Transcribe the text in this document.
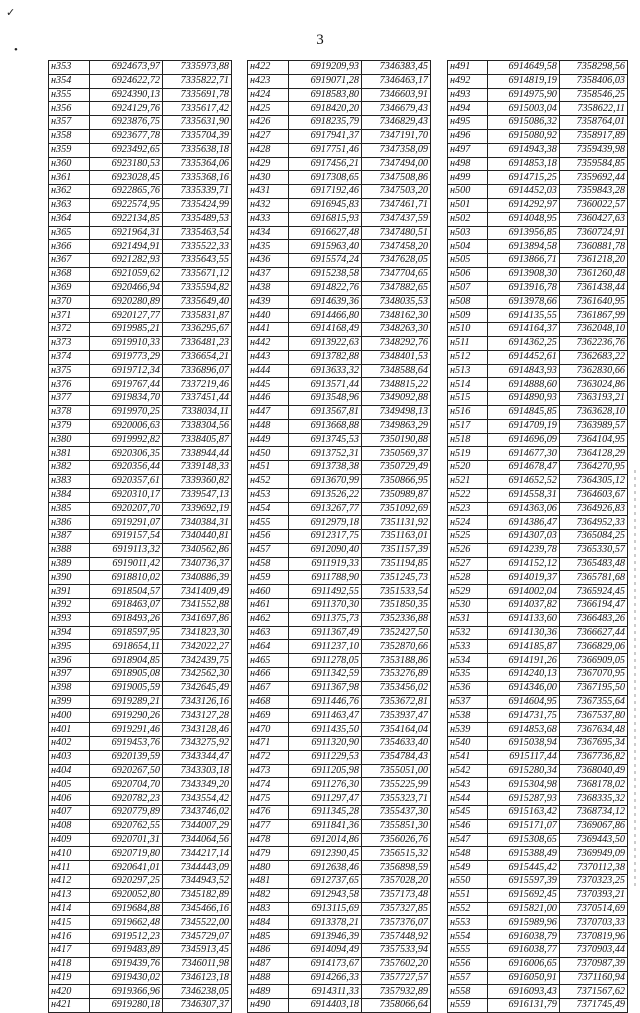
✓
•
3
н353	6924673,97	7335973,88
н354	6924622,72	7335822,71
н355	6924390,13	7335691,78
н356	6924129,76	7335617,42
н357	6923876,75	7335631,90
н358	6923677,78	7335704,39
н359	6923492,65	7335638,18
н360	6923180,53	7335364,06
н361	6923028,45	7335368,16
н362	6922865,76	7335339,71
н363	6922574,95	7335424,99
н364	6922134,85	7335489,53
н365	6921964,31	7335463,54
н366	6921494,91	7335522,33
н367	6921282,93	7335643,55
н368	6921059,62	7335671,12
н369	6920466,94	7335594,82
н370	6920280,89	7335649,40
н371	6920127,77	7335831,87
н372	6919985,21	7336295,67
н373	6919910,33	7336481,23
н374	6919773,29	7336654,21
н375	6919712,34	7336896,07
н376	6919767,44	7337219,46
н377	6919834,70	7337451,44
н378	6919970,25	7338034,11
н379	6920006,63	7338304,56
н380	6919992,82	7338405,87
н381	6920306,35	7338944,44
н382	6920356,44	7339148,33
н383	6920357,61	7339360,82
н384	6920310,17	7339547,13
н385	6920207,70	7339692,19
н386	6919291,07	7340384,31
н387	6919157,54	7340440,81
н388	6919113,32	7340562,86
н389	6919011,42	7340736,37
н390	6918810,02	7340886,39
н391	6918504,57	7341409,49
н392	6918463,07	7341552,88
н393	6918493,26	7341697,86
н394	6918597,95	7341823,30
н395	6918654,11	7342022,27
н396	6918904,85	7342439,75
н397	6918905,08	7342562,30
н398	6919005,59	7342645,49
н399	6919289,21	7343126,16
н400	6919290,26	7343127,28
н401	6919291,46	7343128,46
н402	6919453,76	7343275,92
н403	6920139,59	7343344,47
н404	6920267,50	7343303,18
н405	6920704,70	7343349,20
н406	6920782,23	7343554,42
н407	6920779,89	7343746,02
н408	6920762,55	7344007,29
н409	6920701,31	7344064,56
н410	6920719,80	7344217,14
н411	6920641,01	7344443,09
н412	6920297,25	7344943,52
н413	6920052,80	7345182,89
н414	6919684,88	7345466,16
н415	6919662,48	7345522,00
н416	6919512,23	7345729,07
н417	6919483,89	7345913,45
н418	6919439,76	7346011,98
н419	6919430,02	7346123,18
н420	6919366,96	7346238,05
н421	6919280,18	7346307,37
н422	6919209,93	7346383,45
н423	6919071,28	7346463,17
н424	6918583,80	7346603,91
н425	6918420,20	7346679,43
н426	6918235,79	7346829,43
н427	6917941,37	7347191,70
н428	6917751,46	7347358,09
н429	6917456,21	7347494,00
н430	6917308,65	7347508,86
н431	6917192,46	7347503,20
н432	6916945,83	7347461,71
н433	6916815,93	7347437,59
н434	6916627,48	7347480,51
н435	6915963,40	7347458,20
н436	6915574,24	7347628,05
н437	6915238,58	7347704,65
н438	6914822,76	7347882,65
н439	6914639,36	7348035,53
н440	6914466,80	7348162,30
н441	6914168,49	7348263,30
н442	6913922,63	7348292,76
н443	6913782,88	7348401,53
н444	6913633,32	7348588,64
н445	6913571,44	7348815,22
н446	6913548,96	7349092,88
н447	6913567,81	7349498,13
н448	6913668,88	7349863,29
н449	6913745,53	7350190,88
н450	6913752,31	7350569,37
н451	6913738,38	7350729,49
н452	6913670,99	7350866,95
н453	6913526,22	7350989,87
н454	6913267,77	7351092,69
н455	6912979,18	7351131,92
н456	6912317,75	7351163,01
н457	6912090,40	7351157,39
н458	6911919,33	7351194,85
н459	6911788,90	7351245,73
н460	6911492,55	7351533,54
н461	6911370,30	7351850,35
н462	6911375,73	7352336,88
н463	6911367,49	7352427,50
н464	6911237,10	7352870,66
н465	6911278,05	7353188,86
н466	6911342,59	7353276,89
н467	6911367,98	7353456,02
н468	6911446,76	7353672,81
н469	6911463,47	7353937,47
н470	6911435,50	7354164,04
н471	6911320,90	7354633,40
н472	6911229,53	7354784,43
н473	6911205,98	7355051,00
н474	6911276,30	7355225,99
н475	6911297,47	7355323,71
н476	6911345,28	7355437,30
н477	6911841,36	7355851,30
н478	6912014,86	7356026,76
н479	6912390,45	7356515,32
н480	6912638,46	7356898,59
н481	6912737,65	7357028,20
н482	6912943,58	7357173,48
н483	6913115,69	7357327,85
н484	6913378,21	7357376,07
н485	6913946,39	7357448,92
н486	6914094,49	7357533,94
н487	6914173,67	7357602,20
н488	6914266,33	7357727,57
н489	6914311,33	7357932,89
н490	6914403,18	7358066,64
н491	6914649,58	7358298,56
н492	6914819,19	7358406,03
н493	6914975,90	7358546,25
н494	6915003,04	7358622,11
н495	6915086,32	7358764,01
н496	6915080,92	7358917,89
н497	6914943,38	7359439,98
н498	6914853,18	7359584,85
н499	6914715,25	7359692,44
н500	6914452,03	7359843,28
н501	6914292,97	7360022,57
н502	6914048,95	7360427,63
н503	6913956,85	7360724,91
н504	6913894,58	7360881,78
н505	6913866,71	7361218,20
н506	6913908,30	7361260,48
н507	6913916,78	7361438,44
н508	6913978,66	7361640,95
н509	6914135,55	7361867,99
н510	6914164,37	7362048,10
н511	6914362,25	7362236,76
н512	6914452,61	7362683,22
н513	6914843,93	7362830,66
н514	6914888,60	7363024,86
н515	6914890,93	7363193,21
н516	6914845,85	7363628,10
н517	6914709,19	7363989,57
н518	6914696,09	7364104,95
н519	6914677,30	7364128,29
н520	6914678,47	7364270,95
н521	6914652,52	7364305,12
н522	6914558,31	7364603,67
н523	6914363,06	7364926,83
н524	6914386,47	7364952,33
н525	6914307,03	7365084,25
н526	6914239,78	7365330,57
н527	6914152,12	7365483,48
н528	6914019,37	7365781,68
н529	6914002,04	7365924,45
н530	6914037,82	7366194,47
н531	6914133,60	7366483,26
н532	6914130,36	7366627,44
н533	6914185,87	7366829,06
н534	6914191,26	7366909,05
н535	6914240,13	7367070,95
н536	6914346,00	7367195,50
н537	6914604,95	7367355,64
н538	6914731,75	7367537,80
н539	6914853,68	7367634,48
н540	6915038,94	7367695,34
н541	6915117,44	7367736,82
н542	6915280,34	7368040,49
н543	6915304,98	7368178,02
н544	6915287,93	7368335,32
н545	6915163,42	7368734,12
н546	6915171,07	7369067,86
н547	6915308,65	7369443,50
н548	6915388,49	7369949,09
н549	6915445,42	7370112,38
н550	6915597,39	7370323,25
н551	6915692,45	7370393,21
н552	6915821,00	7370514,69
н553	6915989,96	7370703,33
н554	6916038,79	7370819,96
н555	6916038,77	7370903,44
н556	6916006,65	7370987,39
н557	6916050,91	7371160,94
н558	6916093,43	7371567,62
н559	6916131,79	7371745,49
